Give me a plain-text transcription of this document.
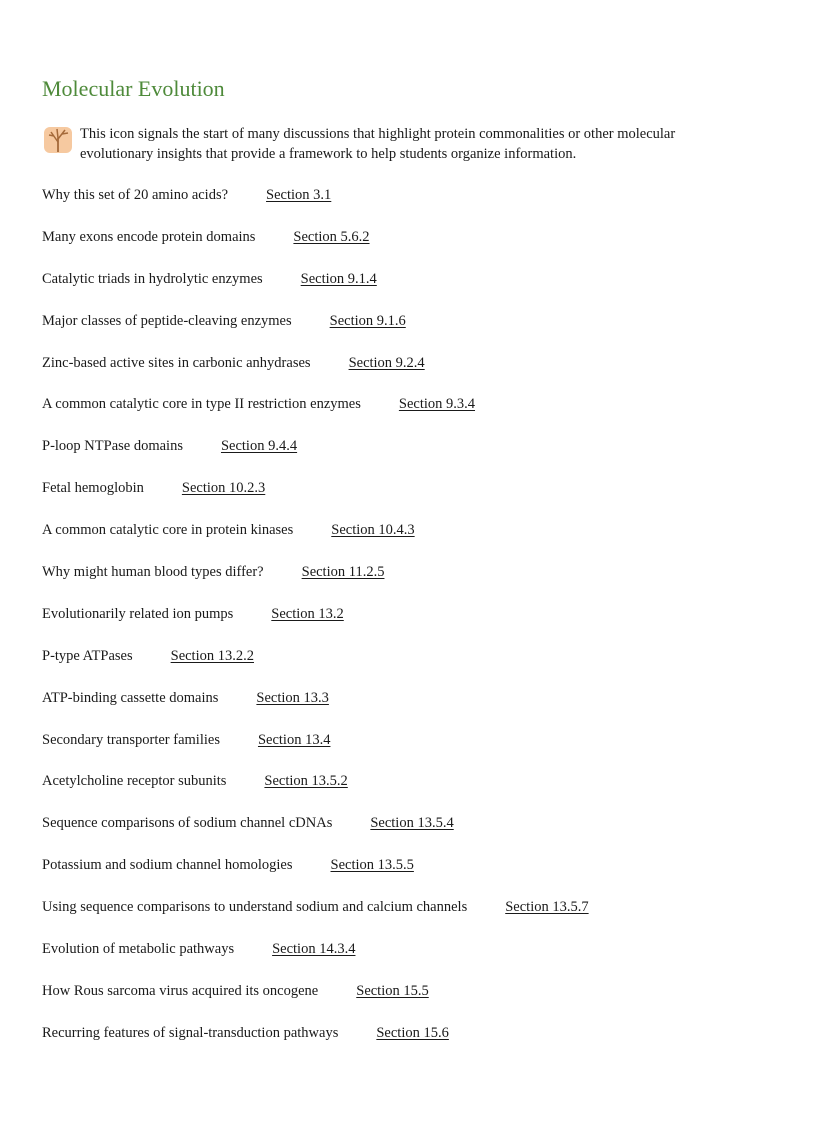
Molecular Evolution
This icon signals the start of many discussions that highlight protein commonalities or other molecular evolutionary insights that provide a framework to help students organize information.
Why this set of 20 amino acids?	Section 3.1
Many exons encode protein domains	Section 5.6.2
Catalytic triads in hydrolytic enzymes	Section 9.1.4
Major classes of peptide-cleaving enzymes	Section 9.1.6
Zinc-based active sites in carbonic anhydrases	Section 9.2.4
A common catalytic core in type II restriction enzymes	Section 9.3.4
P-loop NTPase domains	Section 9.4.4
Fetal hemoglobin	Section 10.2.3
A common catalytic core in protein kinases	Section 10.4.3
Why might human blood types differ?	Section 11.2.5
Evolutionarily related ion pumps	Section 13.2
P-type ATPases	Section 13.2.2
ATP-binding cassette domains	Section 13.3
Secondary transporter families	Section 13.4
Acetylcholine receptor subunits	Section 13.5.2
Sequence comparisons of sodium channel cDNAs	Section 13.5.4
Potassium and sodium channel homologies	Section 13.5.5
Using sequence comparisons to understand sodium and calcium channels	Section 13.5.7
Evolution of metabolic pathways	Section 14.3.4
How Rous sarcoma virus acquired its oncogene	Section 15.5
Recurring features of signal-transduction pathways	Section 15.6
